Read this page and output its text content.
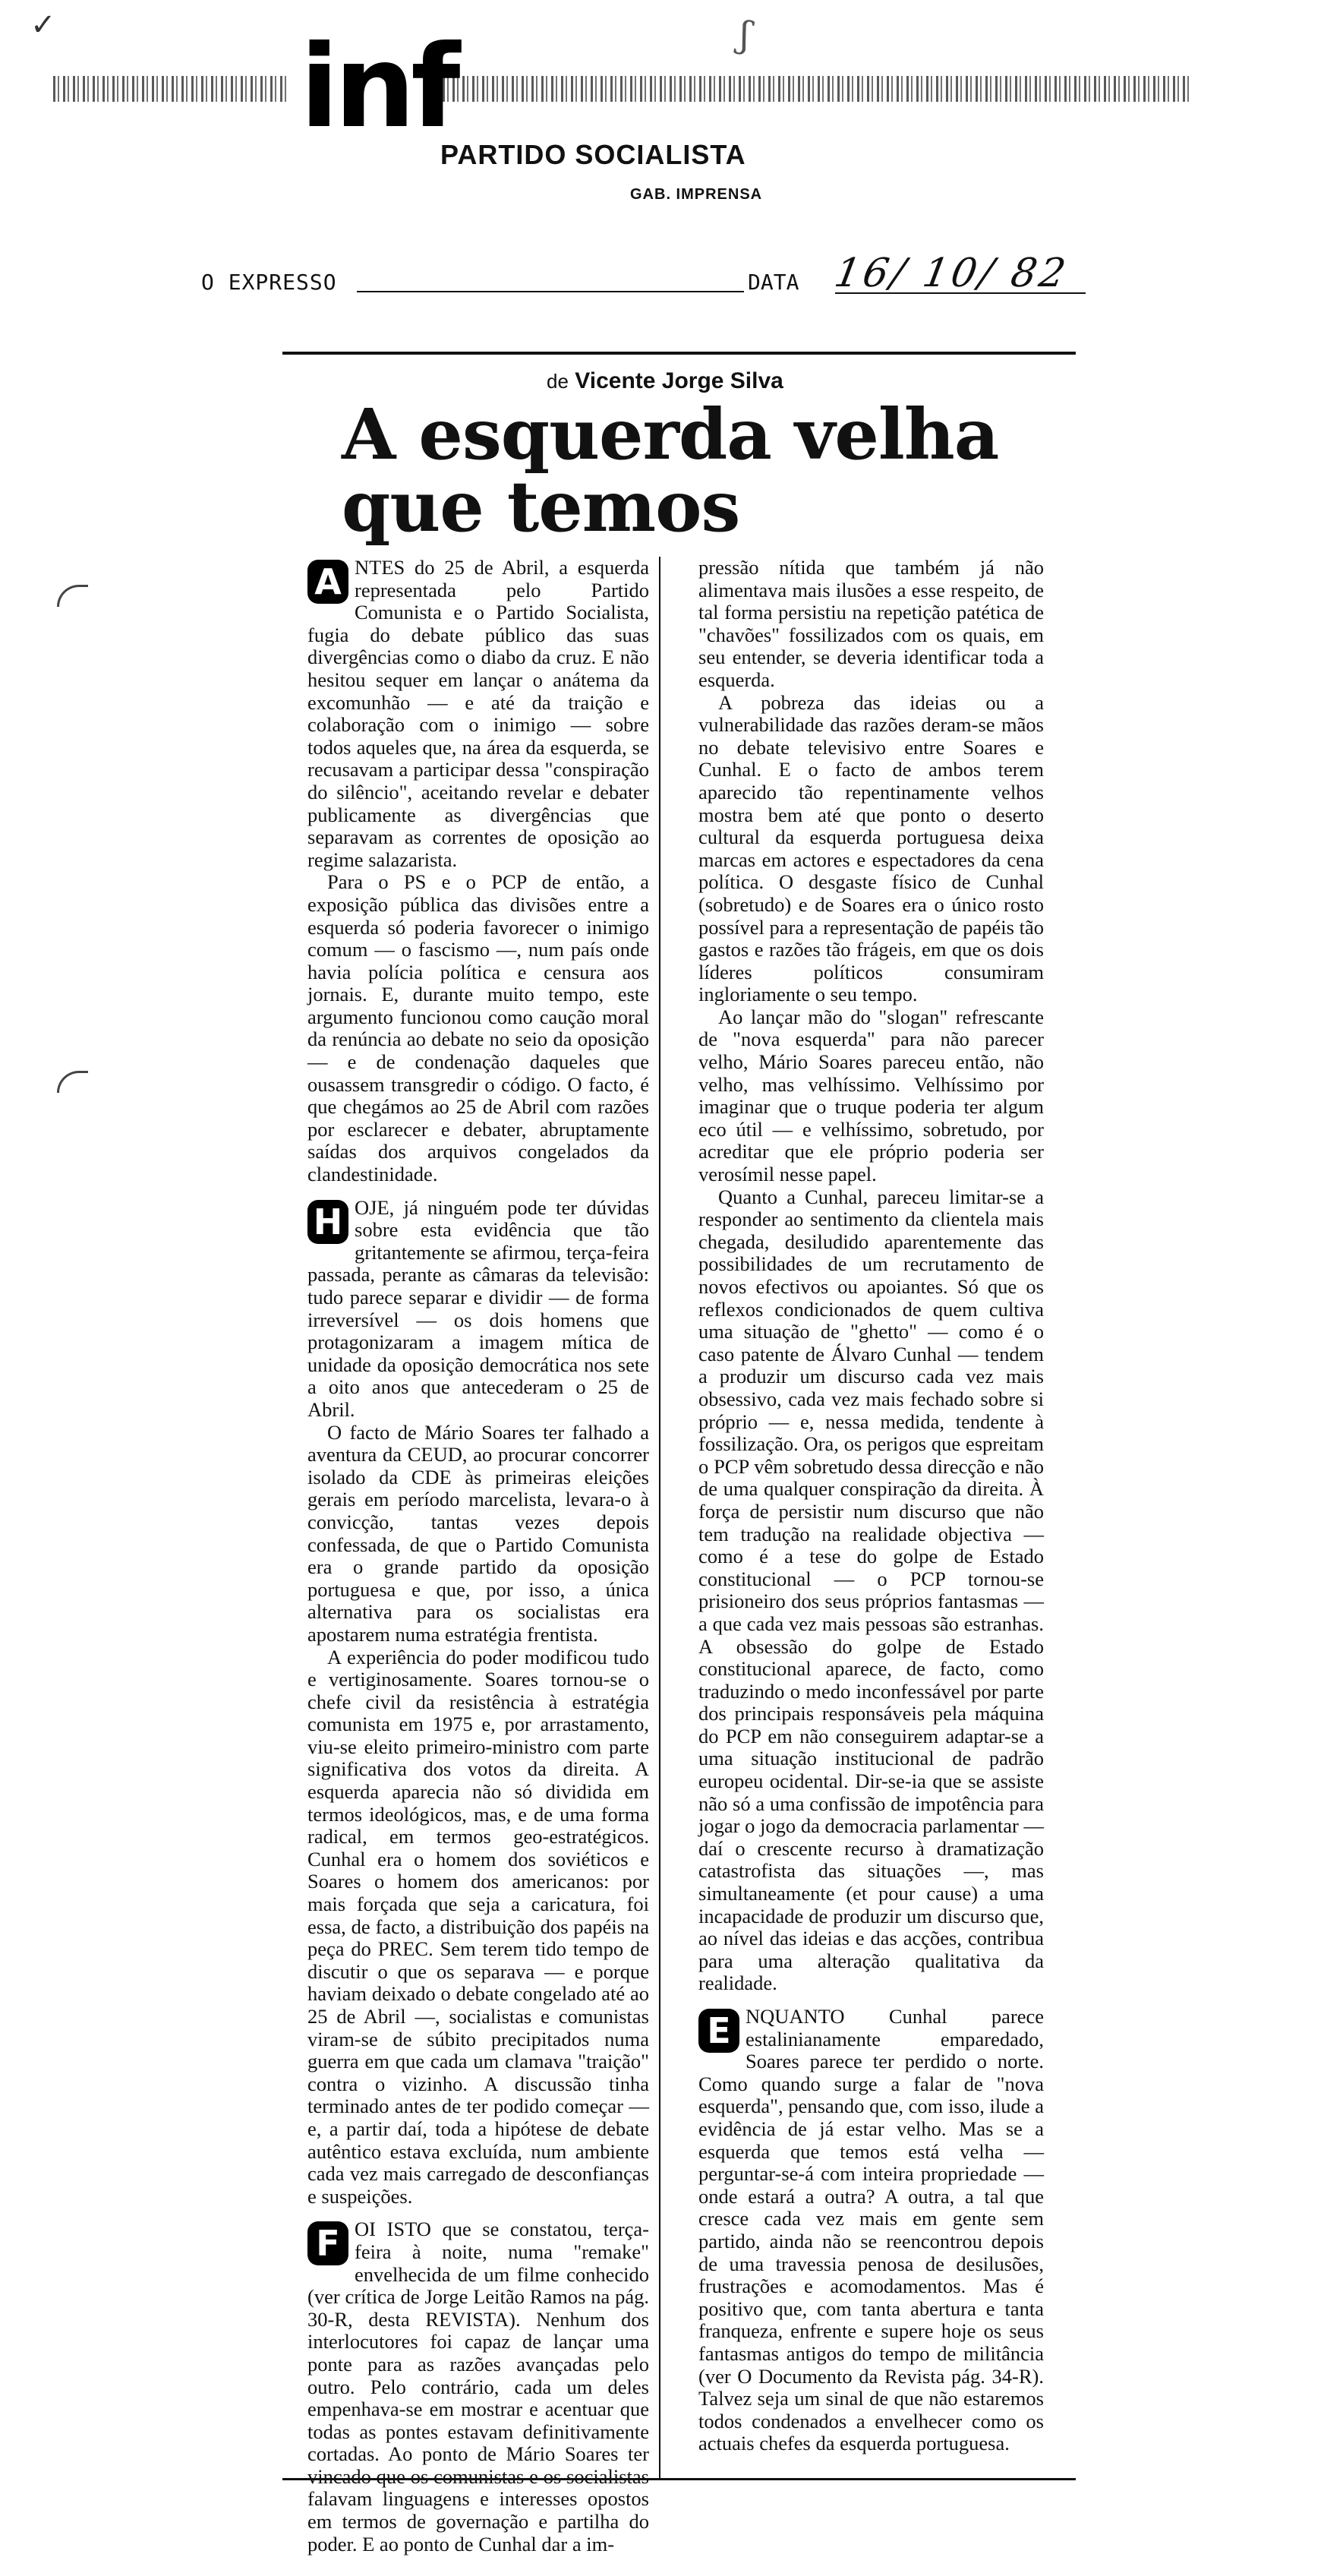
✓ inf	ʃ
PARTIDO SOCIALISTA
GAB. IMPRENSA
O EXPRESSO	DATA 16/ 10/ 82
de Vicente Jorge Silva
A esquerda velha que temos

A NTES do 25 de Abril, a esquerda representada pelo Partido Comunista e o Partido Socialista, fugia do debate público das suas divergências como o diabo da cruz. E não hesitou sequer em lançar o anátema da excomunhão — e até da traição e colaboração com o inimigo — sobre todos aqueles que, na área da esquerda, se recusavam a participar dessa "conspiração do silêncio", aceitando revelar e debater publicamente as divergências que separavam as correntes de oposição ao regime salazarista.

Para o PS e o PCP de então, a exposição pública das divisões entre a esquerda só poderia favorecer o inimigo comum — o fascismo —, num país onde havia polícia política e censura aos jornais. E, durante muito tempo, este argumento funcionou como caução moral da renúncia ao debate no seio da oposição — e de condenação daqueles que ousassem transgredir o código. O facto, é que chegámos ao 25 de Abril com razões por esclarecer e debater, abruptamente saídas dos arquivos congelados da clandestinidade.

H OJE, já ninguém pode ter dúvidas sobre esta evidência que tão gritantemente se afirmou, terça-feira passada, perante as câmaras da televisão: tudo parece separar e dividir — de forma irreversível — os dois homens que protagonizaram a imagem mítica de unidade da oposição democrática nos sete a oito anos que antecederam o 25 de Abril.

O facto de Mário Soares ter falhado a aventura da CEUD, ao procurar concorrer isolado da CDE às primeiras eleições gerais em período marcelista, levara-o à convicção, tantas vezes depois confessada, de que o Partido Comunista era o grande partido da oposição portuguesa e que, por isso, a única alternativa para os socialistas era apostarem numa estratégia frentista.

A experiência do poder modificou tudo e vertiginosamente. Soares tornou-se o chefe civil da resistência à estratégia comunista em 1975 e, por arrastamento, viu-se eleito primeiro-ministro com parte significativa dos votos da direita. A esquerda aparecia não só dividida em termos ideológicos, mas, e de uma forma radical, em termos geo-estratégicos. Cunhal era o homem dos soviéticos e Soares o homem dos americanos: por mais forçada que seja a caricatura, foi essa, de facto, a distribuição dos papéis na peça do PREC. Sem terem tido tempo de discutir o que os separava — e porque haviam deixado o debate congelado até ao 25 de Abril —, socialistas e comunistas viram-se de súbito precipitados numa guerra em que cada um clamava "traição" contra o vizinho. A discussão tinha terminado antes de ter podido começar — e, a partir daí, toda a hipótese de debate autêntico estava excluída, num ambiente cada vez mais carregado de desconfianças e suspeições.

F OI ISTO que se constatou, terça-feira à noite, numa "remake" envelhecida de um filme conhecido (ver crítica de Jorge Leitão Ramos na pág. 30-R, desta REVISTA). Nenhum dos interlocutores foi capaz de lançar uma ponte para as razões avançadas pelo outro. Pelo contrário, cada um deles empenhava-se em mostrar e acentuar que todas as pontes estavam definitivamente cortadas. Ao ponto de Mário Soares ter vincado que os comunistas e os socialistas falavam linguagens e interesses opostos em termos de governação e partilha do poder. E ao ponto de Cunhal dar a im-

pressão nítida que também já não alimentava mais ilusões a esse respeito, de tal forma persistiu na repetição patética de "chavões" fossilizados com os quais, em seu entender, se deveria identificar toda a esquerda.

A pobreza das ideias ou a vulnerabilidade das razões deram-se mãos no debate televisivo entre Soares e Cunhal. E o facto de ambos terem aparecido tão repentinamente velhos mostra bem até que ponto o deserto cultural da esquerda portuguesa deixa marcas em actores e espectadores da cena política. O desgaste físico de Cunhal (sobretudo) e de Soares era o único rosto possível para a representação de papéis tão gastos e razões tão frágeis, em que os dois líderes políticos consumiram ingloriamente o seu tempo.

Ao lançar mão do "slogan" refrescante de "nova esquerda" para não parecer velho, Mário Soares pareceu então, não velho, mas velhíssimo. Velhíssimo por imaginar que o truque poderia ter algum eco útil — e velhíssimo, sobretudo, por acreditar que ele próprio poderia ser verosímil nesse papel.

Quanto a Cunhal, pareceu limitar-se a responder ao sentimento da clientela mais chegada, desiludido aparentemente das possibilidades de um recrutamento de novos efectivos ou apoiantes. Só que os reflexos condicionados de quem cultiva uma situação de "ghetto" — como é o caso patente de Álvaro Cunhal — tendem a produzir um discurso cada vez mais obsessivo, cada vez mais fechado sobre si próprio — e, nessa medida, tendente à fossilização. Ora, os perigos que espreitam o PCP vêm sobretudo dessa direcção e não de uma qualquer conspiração da direita. À força de persistir num discurso que não tem tradução na realidade objectiva — como é a tese do golpe de Estado constitucional — o PCP tornou-se prisioneiro dos seus próprios fantasmas — a que cada vez mais pessoas são estranhas. A obsessão do golpe de Estado constitucional aparece, de facto, como traduzindo o medo inconfessável por parte dos principais responsáveis pela máquina do PCP em não conseguirem adaptar-se a uma situação institucional de padrão europeu ocidental. Dir-se-ia que se assiste não só a uma confissão de impotência para jogar o jogo da democracia parlamentar — daí o crescente recurso à dramatização catastrofista das situações —, mas simultaneamente (et pour cause) a uma incapacidade de produzir um discurso que, ao nível das ideias e das acções, contribua para uma alteração qualitativa da realidade.

E NQUANTO Cunhal parece estalinianamente emparedado, Soares parece ter perdido o norte. Como quando surge a falar de "nova esquerda", pensando que, com isso, ilude a evidência de já estar velho. Mas se a esquerda que temos está velha — perguntar-se-á com inteira propriedade — onde estará a outra? A outra, a tal que cresce cada vez mais em gente sem partido, ainda não se reencontrou depois de uma travessia penosa de desilusões, frustrações e acomodamentos. Mas é positivo que, com tanta abertura e tanta franqueza, enfrente e supere hoje os seus fantasmas antigos do tempo de militância (ver O Documento da Revista pág. 34-R). Talvez seja um sinal de que não estaremos todos condenados a envelhecer como os actuais chefes da esquerda portuguesa.
